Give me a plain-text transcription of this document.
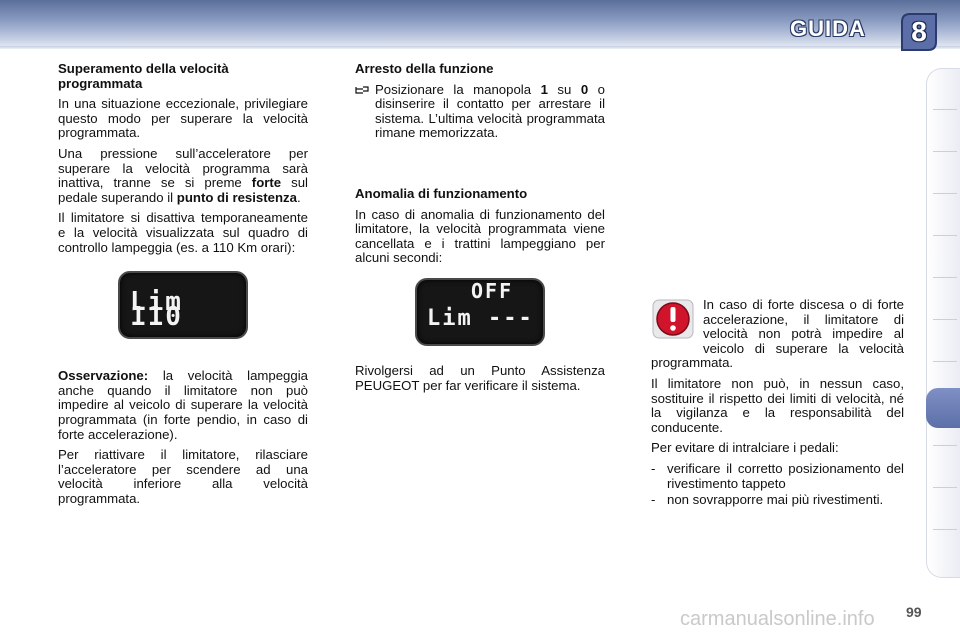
GUIDA	8
Superamento della velocità programmata

In una situazione eccezionale, privilegiare questo modo per superare la velocità programmata.

Una pressione sull’acceleratore per superare la velocità programma sarà inattiva, tranne se si preme forte sul pedale superando il punto di resistenza.

Il limitatore si disattiva temporaneamente e la velocità visualizzata sul quadro di controllo lampeggia (es. a 110 Km orari):

Lim 110

Osservazione: la velocità lampeggia anche quando il limitatore non può impedire al veicolo di superare la velocità programmata (in forte pendio, in caso di forte accelerazione).

Per riattivare il limitatore, rilasciare l’acceleratore per scendere ad una velocità inferiore alla velocità programmata.

Arresto della funzione

Posizionare la manopola 1 su 0 o disinserire il contatto per arrestare il sistema. L’ultima velocità programmata rimane memorizzata.

Anomalia di funzionamento

In caso di anomalia di funzionamento del limitatore, la velocità programmata viene cancellata e i trattini lampeggiano per alcuni secondi:

OFF
Lim ---

Rivolgersi ad un Punto Assistenza PEUGEOT per far verificare il sistema.

In caso di forte discesa o di forte accelerazione, il limitatore di velocità non potrà impedire al veicolo di superare la velocità programmata.

Il limitatore non può, in nessun caso, sostituire il rispetto dei limiti di velocità, né la vigilanza e la responsabilità del conducente.

Per evitare di intralciare i pedali:

- verificare il corretto posizionamento del rivestimento tappeto

- non sovrapporre mai più rivestimenti.

carmanualsonline.info 99
